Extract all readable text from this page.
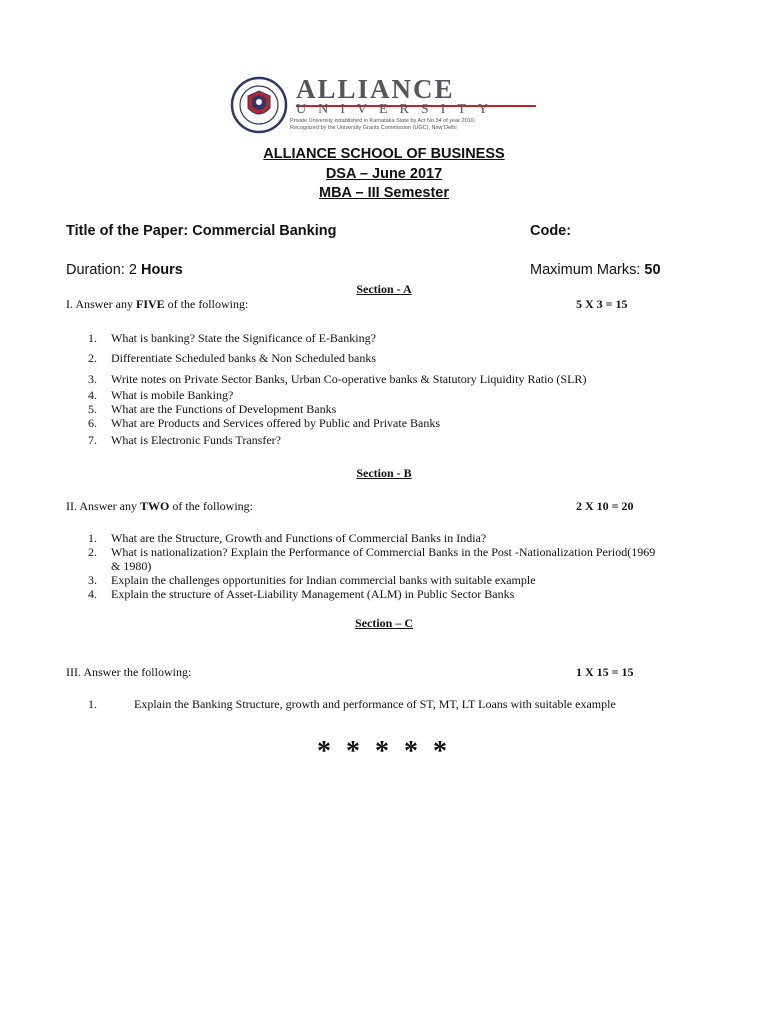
ALLIANCE
UNIVERSITY
Private University established in Karnataka State by Act No.34 of year 2010.
Recognized by the University Grants Commission (UGC), New Delhi
ALLIANCE SCHOOL OF BUSINESS
DSA – June 2017
MBA – III Semester
Title of the Paper: Commercial Banking	Code:
Duration: 2 Hours	Maximum Marks: 50
Section - A
I. Answer any FIVE of the following:	5 X 3 = 15
1. What is banking? State the Significance of E-Banking?
2. Differentiate Scheduled banks & Non Scheduled banks
3. Write notes on Private Sector Banks, Urban Co-operative banks & Statutory Liquidity Ratio (SLR)
4. What is mobile Banking?
5. What are the Functions of Development Banks
6. What are Products and Services offered by Public and Private Banks
7. What is Electronic Funds Transfer?
Section - B
II. Answer any TWO of the following:	2 X 10 = 20
1. What are the Structure, Growth and Functions of Commercial Banks in India?
2. What is nationalization? Explain the Performance of Commercial Banks in the Post -Nationalization Period(1969
& 1980)
3. Explain the challenges opportunities for Indian commercial banks with suitable example
4. Explain the structure of Asset-Liability Management (ALM) in Public Sector Banks
Section – C
III. Answer the following:	1 X 15 = 15
1.	Explain the Banking Structure, growth and performance of ST, MT, LT Loans with suitable example
* * * * *
